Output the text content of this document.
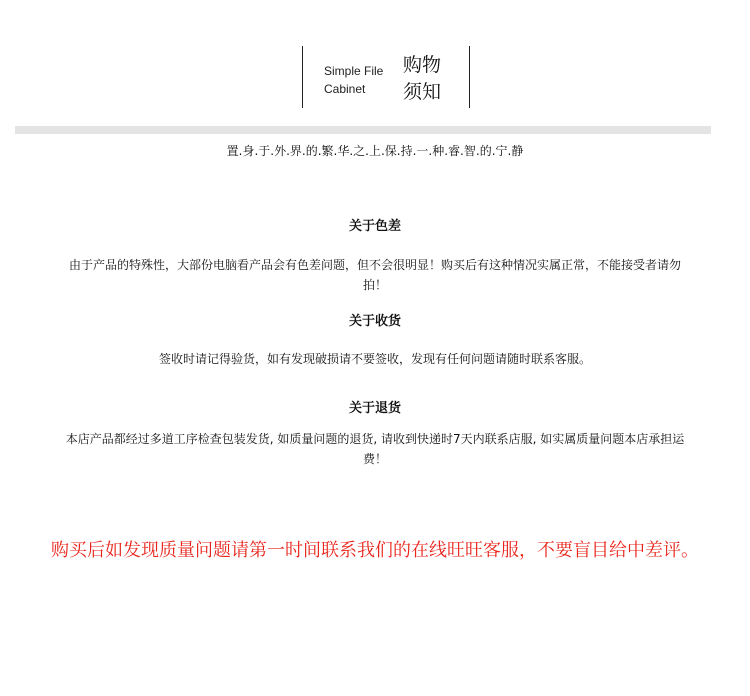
Simple File
Cabinet
购物
须知
置.身.于.外.界.的.繁.华.之.上.保.持.一.种.睿.智.的.宁.静
关于色差
由于产品的特殊性，大部份电脑看产品会有色差问题，但不会很明显！购买后有这种情况实属正常，不能接受者请勿拍！
关于收货
签收时请记得验货，如有发现破损请不要签收，发现有任何问题请随时联系客服。
关于退货
本店产品都经过多道工序检查包装发货, 如质量问题的退货, 请收到快递时7天内联系店服, 如实属质量问题本店承担运费！
购买后如发现质量问题请第一时间联系我们的在线旺旺客服，不要盲目给中差评。
